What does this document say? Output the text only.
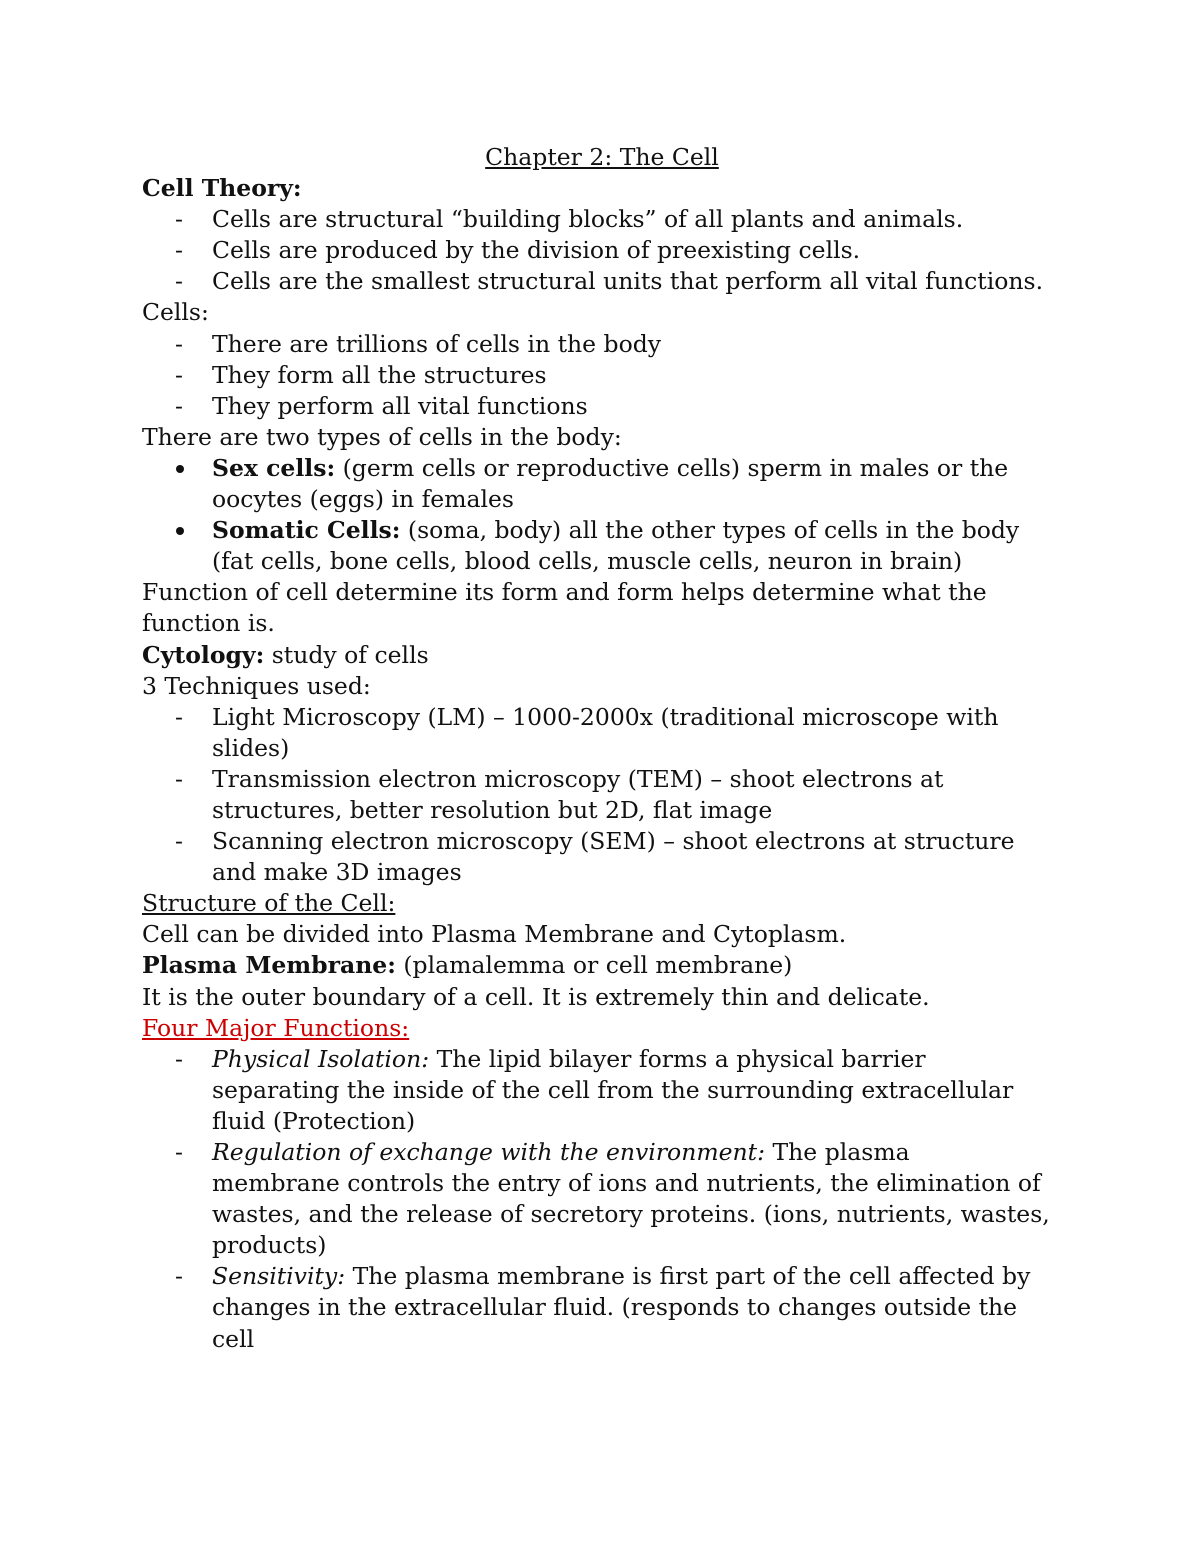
Chapter 2: The Cell

Cell Theory:

-	Cells are structural “building blocks” of all plants and animals.
-	Cells are produced by the division of preexisting cells.
-	Cells are the smallest structural units that perform all vital functions.

Cells:

-	There are trillions of cells in the body
-	They form all the structures
-	They perform all vital functions

There are two types of cells in the body:

Sex cells: (germ cells or reproductive cells) sperm in males or the
oocytes (eggs) in females
Somatic Cells: (soma, body) all the other types of cells in the body
(fat cells, bone cells, blood cells, muscle cells, neuron in brain)

Function of cell determine its form and form helps determine what the

function is.

Cytology: study of cells

3 Techniques used:

-	Light Microscopy (LM) – 1000-2000x (traditional microscope with
slides)
-	Transmission electron microscopy (TEM) – shoot electrons at
structures, better resolution but 2D, flat image
-	Scanning electron microscopy (SEM) – shoot electrons at structure
and make 3D images

Structure of the Cell:

Cell can be divided into Plasma Membrane and Cytoplasm.

Plasma Membrane: (plamalemma or cell membrane)

It is the outer boundary of a cell. It is extremely thin and delicate.

Four Major Functions:

-	Physical Isolation: The lipid bilayer forms a physical barrier
separating the inside of the cell from the surrounding extracellular
fluid (Protection)
-	Regulation of exchange with the environment: The plasma
membrane controls the entry of ions and nutrients, the elimination of
wastes, and the release of secretory proteins. (ions, nutrients, wastes,
products)
-	Sensitivity: The plasma membrane is first part of the cell affected by
changes in the extracellular fluid. (responds to changes outside the
cell
